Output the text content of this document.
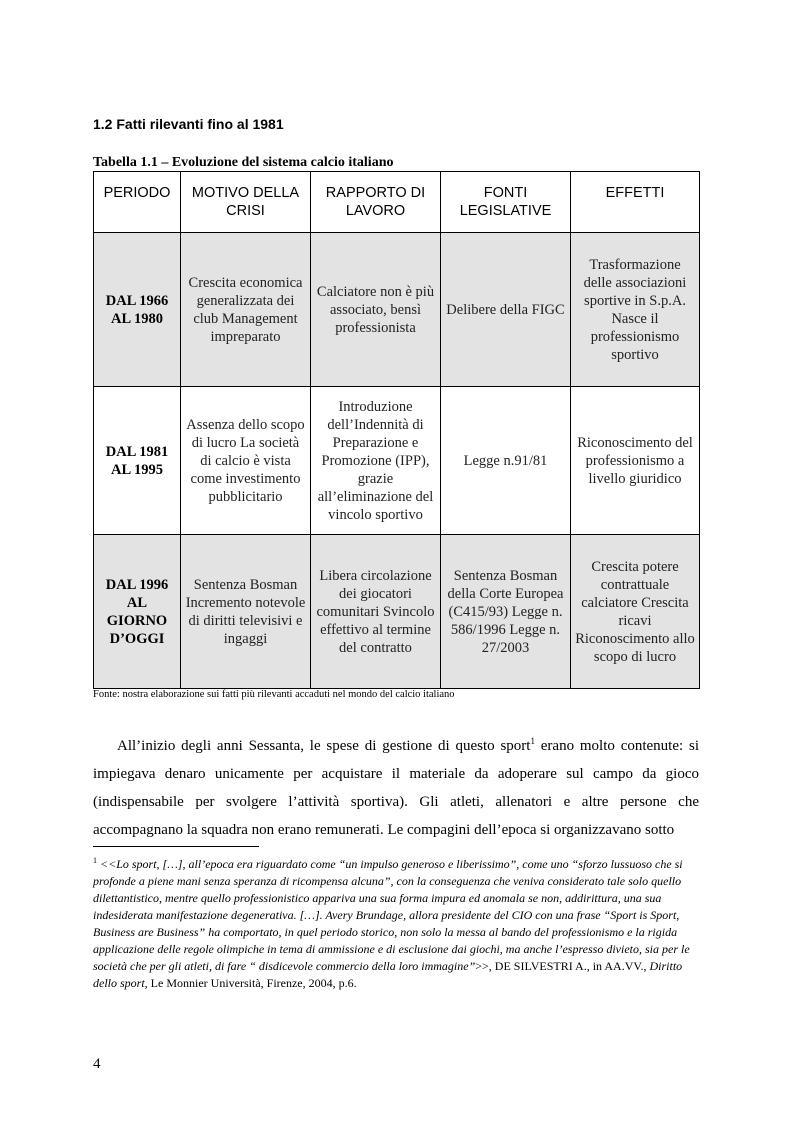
1.2 Fatti rilevanti fino al 1981
Tabella 1.1 – Evoluzione del sistema calcio italiano
PERIODO	MOTIVO DELLA CRISI	RAPPORTO DI LAVORO	FONTI LEGISLATIVE	EFFETTI
DAL 1966 AL 1980	Crescita economica generalizzata dei club Management impreparato	Calciatore non è più associato, bensì professionista	Delibere della FIGC	Trasformazione delle associazioni sportive in S.p.A. Nasce il professionismo sportivo
DAL 1981 AL 1995	Assenza dello scopo di lucro La società di calcio è vista come investimento pubblicitario	Introduzione dell’Indennità di Preparazione e Promozione (IPP), grazie all’eliminazione del vincolo sportivo	Legge n.91/81	Riconoscimento del professionismo a livello giuridico
DAL 1996 AL GIORNO D’OGGI	Sentenza Bosman Incremento notevole di diritti televisivi e ingaggi	Libera circolazione dei giocatori comunitari Svincolo effettivo al termine del contratto	Sentenza Bosman della Corte Europea (C415/93) Legge n. 586/1996 Legge n. 27/2003	Crescita potere contrattuale calciatore Crescita ricavi Riconoscimento allo scopo di lucro
Fonte: nostra elaborazione sui fatti più rilevanti accaduti nel mondo del calcio italiano
All’inizio degli anni Sessanta, le spese di gestione di questo sport$^1$ erano molto contenute: si impiegava denaro unicamente per acquistare il materiale da adoperare sul campo da gioco (indispensabile per svolgere l’attività sportiva). Gli atleti, allenatori e altre persone che accompagnano la squadra non erano remunerati. Le compagini dell’epoca si organizzavano sotto
$^1$ <<Lo sport, […], all’epoca era riguardato come “un impulso generoso e liberissimo”, come uno “sforzo lussuoso che si profonde a piene mani senza speranza di ricompensa alcuna”, con la conseguenza che veniva considerato tale solo quello dilettantistico, mentre quello professionistico appariva una sua forma impura ed anomala se non, addirittura, una sua indesiderata manifestazione degenerativa. […]. Avery Brundage, allora presidente del CIO con una frase “Sport is Sport, Business are Business” ha comportato, in quel periodo storico, non solo la messa al bando del professionismo e la rigida applicazione delle regole olimpiche in tema di ammissione e di esclusione dai giochi, ma anche l’espresso divieto, sia per le società che per gli atleti, di fare “ disdicevole commercio della loro immagine”>>, DE SILVESTRI A., in AA.VV., Diritto dello sport, Le Monnier Università, Firenze, 2004, p.6.
4
